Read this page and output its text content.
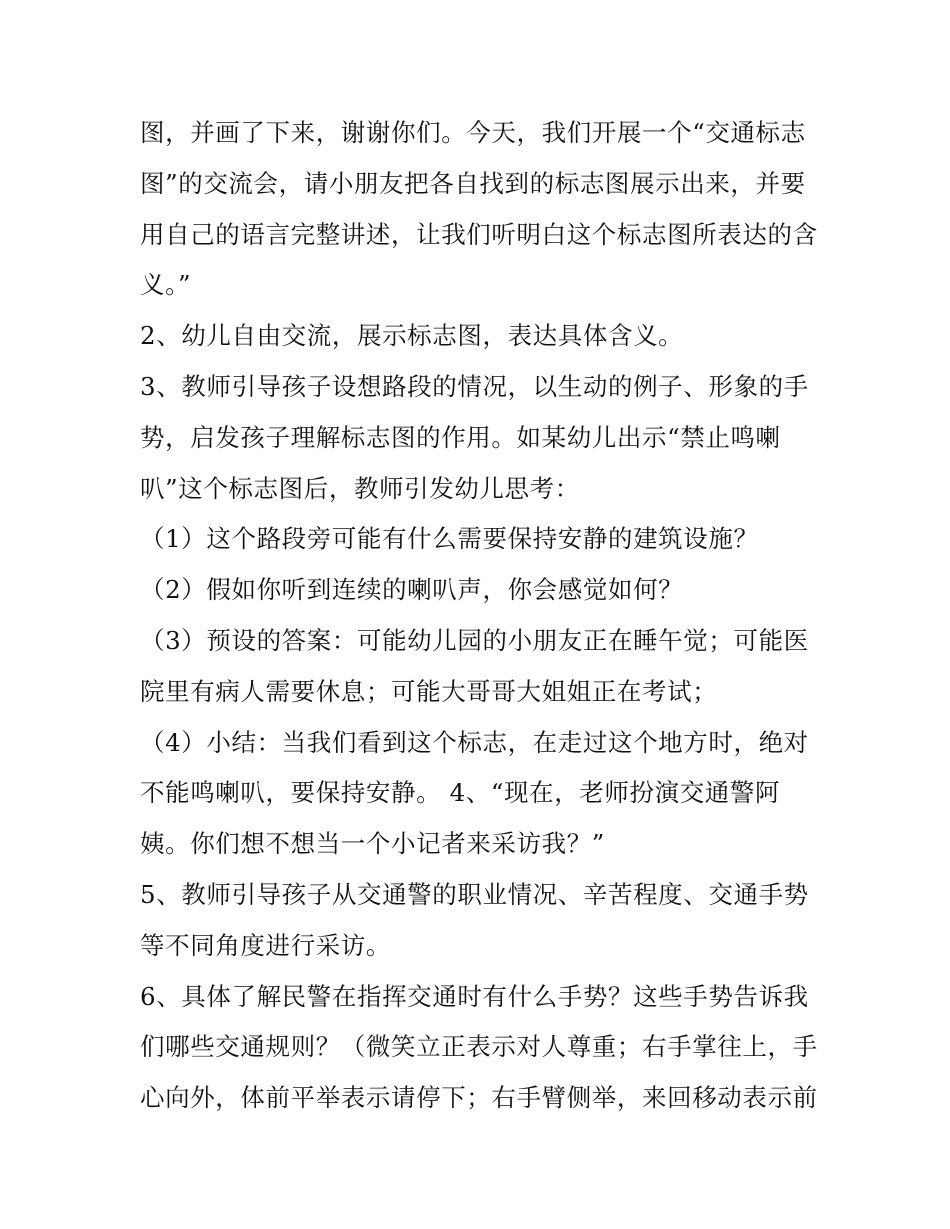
图，并画了下来，谢谢你们。今天，我们开展一个“交通标志
图”的交流会，请小朋友把各自找到的标志图展示出来，并要
用自己的语言完整讲述，让我们听明白这个标志图所表达的含
义。”
2、幼儿自由交流，展示标志图，表达具体含义。
3、教师引导孩子设想路段的情况，以生动的例子、形象的手
势，启发孩子理解标志图的作用。如某幼儿出示“禁止鸣喇
叭”这个标志图后，教师引发幼儿思考：
（1）这个路段旁可能有什么需要保持安静的建筑设施？
（2）假如你听到连续的喇叭声，你会感觉如何？
（3）预设的答案：可能幼儿园的小朋友正在睡午觉；可能医
院里有病人需要休息；可能大哥哥大姐姐正在考试；
（4）小结：当我们看到这个标志，在走过这个地方时，绝对
不能鸣喇叭，要保持安静。 4、“现在，老师扮演交通警阿
姨。你们想不想当一个小记者来采访我？”
5、教师引导孩子从交通警的职业情况、辛苦程度、交通手势
等不同角度进行采访。
6、具体了解民警在指挥交通时有什么手势？这些手势告诉我
们哪些交通规则？（微笑立正表示对人尊重；右手掌往上，手
心向外，体前平举表示请停下；右手臂侧举，来回移动表示前
